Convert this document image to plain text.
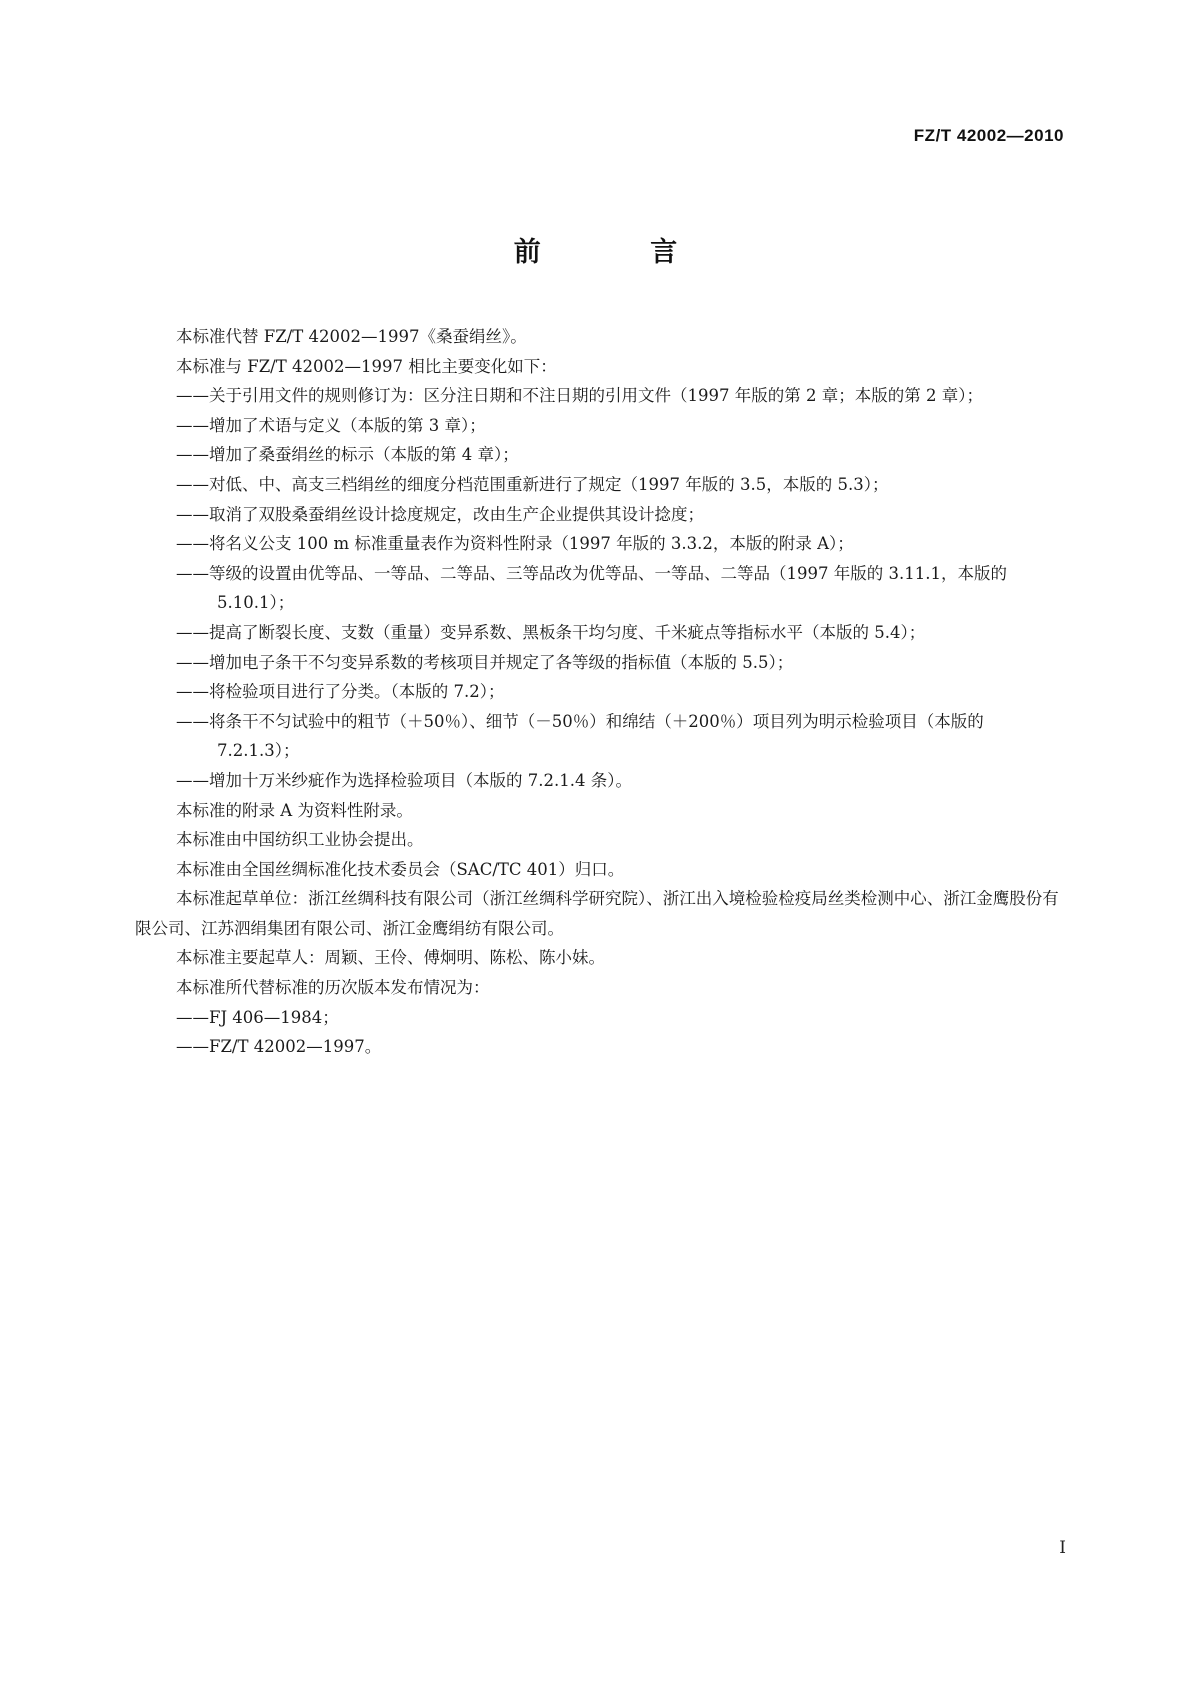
FZ/T 42002—2010
前 言

本标准代替 FZ/T 42002—1997《桑蚕绢丝》。

本标准与 FZ/T 42002—1997 相比主要变化如下：

——关于引用文件的规则修订为：区分注日期和不注日期的引用文件（1997 年版的第 2 章；本版的第 2 章）；

——增加了术语与定义（本版的第 3 章）；

——增加了桑蚕绢丝的标示（本版的第 4 章）；

——对低、中、高支三档绢丝的细度分档范围重新进行了规定（1997 年版的 3.5，本版的 5.3）；

——取消了双股桑蚕绢丝设计捻度规定，改由生产企业提供其设计捻度；

——将名义公支 100 m 标准重量表作为资料性附录（1997 年版的 3.3.2，本版的附录 A）；

——等级的设置由优等品、一等品、二等品、三等品改为优等品、一等品、二等品（1997 年版的 3.11.1，本版的 5.10.1）；

——提高了断裂长度、支数（重量）变异系数、黑板条干均匀度、千米疵点等指标水平（本版的 5.4）；

——增加电子条干不匀变异系数的考核项目并规定了各等级的指标值（本版的 5.5）；

——将检验项目进行了分类。（本版的 7.2）；

——将条干不匀试验中的粗节（＋50％）、细节（－50％）和绵结（＋200％）项目列为明示检验项目（本版的 7.2.1.3）；

——增加十万米纱疵作为选择检验项目（本版的 7.2.1.4 条）。

本标准的附录 A 为资料性附录。

本标准由中国纺织工业协会提出。

本标准由全国丝绸标准化技术委员会（SAC/TC 401）归口。

本标准起草单位：浙江丝绸科技有限公司（浙江丝绸科学研究院）、浙江出入境检验检疫局丝类检测中心、浙江金鹰股份有限公司、江苏泗绢集团有限公司、浙江金鹰绢纺有限公司。

本标准主要起草人：周颖、王伶、傅炯明、陈松、陈小妹。

本标准所代替标准的历次版本发布情况为：

——FJ 406—1984；

——FZ/T 42002—1997。

I
